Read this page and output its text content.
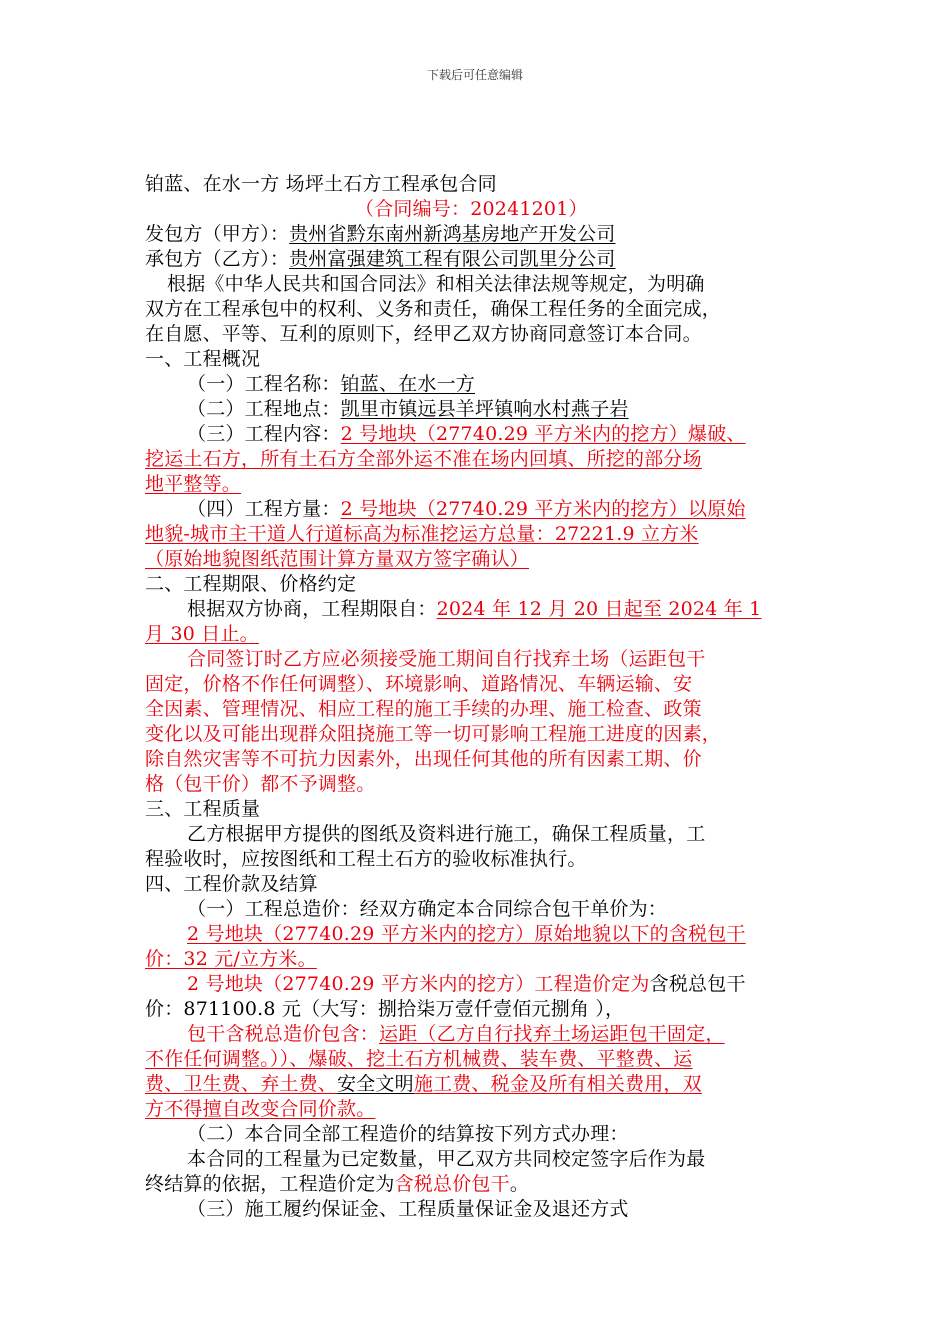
下载后可任意编辑
铂蓝、在水一方 场坪土石方工程承包合同
（合同编号：20241201）
发包方（甲方）：贵州省黔东南州新鸿基房地产开发公司
承包方（乙方）：贵州富强建筑工程有限公司凯里分公司
根据《中华人民共和国合同法》和相关法律法规等规定，为明确
双方在工程承包中的权利、义务和责任，确保工程任务的全面完成，
在自愿、平等、互利的原则下，经甲乙双方协商同意签订本合同。
一、工程概况
（一）工程名称：铂蓝、在水一方
（二）工程地点：凯里市镇远县羊坪镇响水村燕子岩
（三）工程内容：2 号地块（27740.29 平方米内的挖方）爆破、
挖运土石方，所有土石方全部外运不准在场内回填、所挖的部分场
地平整等。
（四）工程方量：2 号地块（27740.29 平方米内的挖方）以原始
地貌-城市主干道人行道标高为标准挖运方总量：27221.9 立方米
（原始地貌图纸范围计算方量双方签字确认）
二、工程期限、价格约定
根据双方协商，工程期限自：2024 年 12 月 20 日起至 2024 年 1
月 30 日止。
合同签订时乙方应必须接受施工期间自行找弃土场（运距包干
固定，价格不作任何调整）、环境影响、道路情况、车辆运输、安
全因素、管理情况、相应工程的施工手续的办理、施工检查、政策
变化以及可能出现群众阻挠施工等一切可影响工程施工进度的因素，
除自然灾害等不可抗力因素外，出现任何其他的所有因素工期、价
格（包干价）都不予调整。
三、工程质量
乙方根据甲方提供的图纸及资料进行施工，确保工程质量，工
程验收时，应按图纸和工程土石方的验收标准执行。
四、工程价款及结算
（一）工程总造价：经双方确定本合同综合包干单价为：
2 号地块（27740.29 平方米内的挖方）原始地貌以下的含税包干
价：32 元/立方米。
2 号地块（27740.29 平方米内的挖方）工程造价定为含税总包干
价：871100.8 元（大写：捌拾柒万壹仟壹佰元捌角 ），
包干含税总造价包含：运距（乙方自行找弃土场运距包干固定，
不作任何调整。））、爆破、挖土石方机械费、装车费、平整费、运
费、卫生费、弃土费、安全文明施工费、税金及所有相关费用，双
方不得擅自改变合同价款。
（二）本合同全部工程造价的结算按下列方式办理：
本合同的工程量为已定数量，甲乙双方共同校定签字后作为最
终结算的依据，工程造价定为含税总价包干。
（三）施工履约保证金、工程质量保证金及退还方式
